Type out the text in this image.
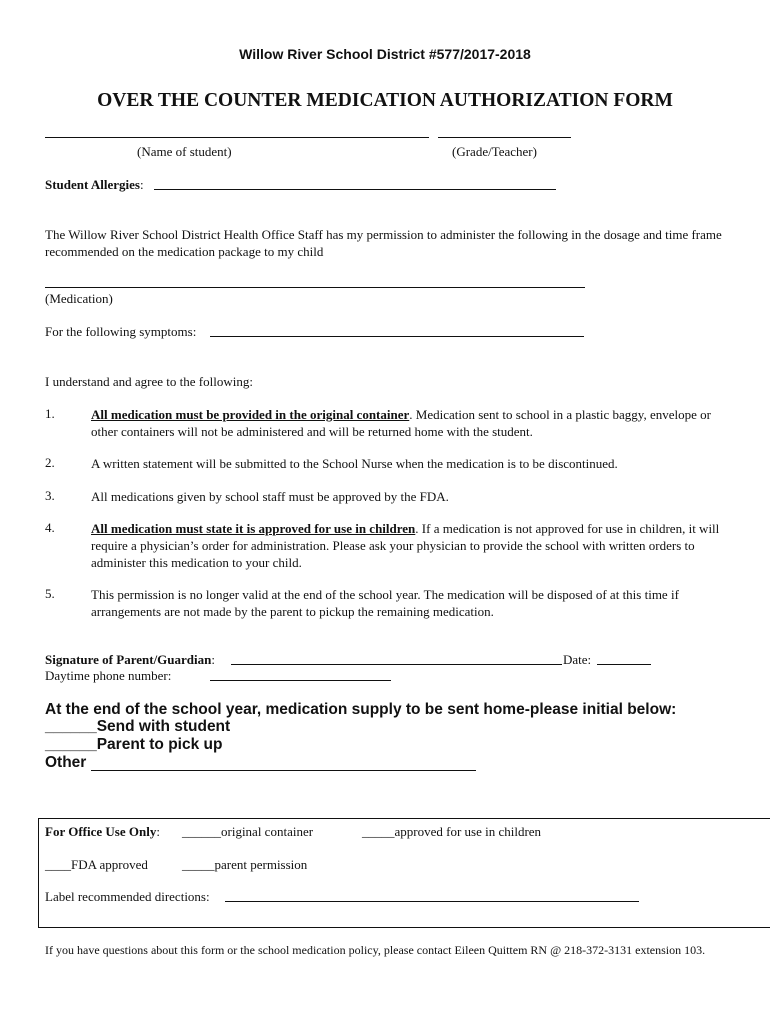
Willow River School District #577/2017-2018
OVER THE COUNTER MEDICATION AUTHORIZATION FORM
(Name of student)	(Grade/Teacher)
Student Allergies:
The Willow River School District Health Office Staff has my permission to administer the following in the dosage and time frame recommended on the medication package to my child
(Medication)
For the following symptoms:
I understand and agree to the following:
1.	All medication must be provided in the original container. Medication sent to school in a plastic baggy, envelope or other containers will not be administered and will be returned home with the student.
2.	A written statement will be submitted to the School Nurse when the medication is to be discontinued.
3.	All medications given by school staff must be approved by the FDA.
4.	All medication must state it is approved for use in children. If a medication is not approved for use in children, it will require a physician’s order for administration. Please ask your physician to provide the school with written orders to administer this medication to your child.
5.	This permission is no longer valid at the end of the school year. The medication will be disposed of at this time if arrangements are not made by the parent to pickup the remaining medication.
Signature of Parent/Guardian:	Date:
Daytime phone number:
At the end of the school year, medication supply to be sent home-please initial below:
______Send with student
______Parent to pick up
Other
For Office Use Only: ______original container	_____approved for use in children
____FDA approved	_____parent permission
Label recommended directions:
If you have questions about this form or the school medication policy, please contact Eileen Quittem RN @ 218-372-3131 extension 103.
